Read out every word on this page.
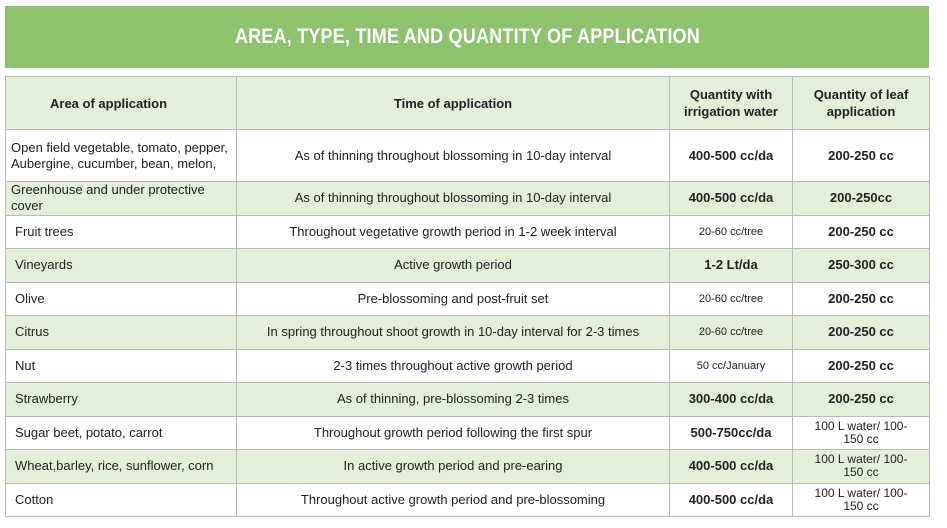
AREA, TYPE, TIME AND QUANTITY OF APPLICATION
Area of application	Time of application	Quantity with irrigation water	Quantity of leaf application
Open field vegetable, tomato, pepper, Aubergine, cucumber, bean, melon,	As of thinning throughout blossoming in 10-day interval	400-500 cc/da	200-250 cc
Greenhouse and under protective cover	As of thinning throughout blossoming in 10-day interval	400-500 cc/da	200-250cc
Fruit trees	Throughout vegetative growth period in 1-2 week interval	20-60 cc/tree	200-250 cc
Vineyards	Active growth period	1-2 Lt/da	250-300 cc
Olive	Pre-blossoming and post-fruit set	20-60 cc/tree	200-250 cc
Citrus	In spring throughout shoot growth in 10-day interval for 2-3 times	20-60 cc/tree	200-250 cc
Nut	2-3 times throughout active growth period	50 cc/January	200-250 cc
Strawberry	As of thinning, pre-blossoming 2-3 times	300-400 cc/da	200-250 cc
Sugar beet, potato, carrot	Throughout growth period following the first spur	500-750cc/da	100 L water/ 100-150 cc
Wheat,barley, rice, sunflower, corn	In active growth period and pre-earing	400-500 cc/da	100 L water/ 100-150 cc
Cotton	Throughout active growth period and pre-blossoming	400-500 cc/da	100 L water/ 100-150 cc
